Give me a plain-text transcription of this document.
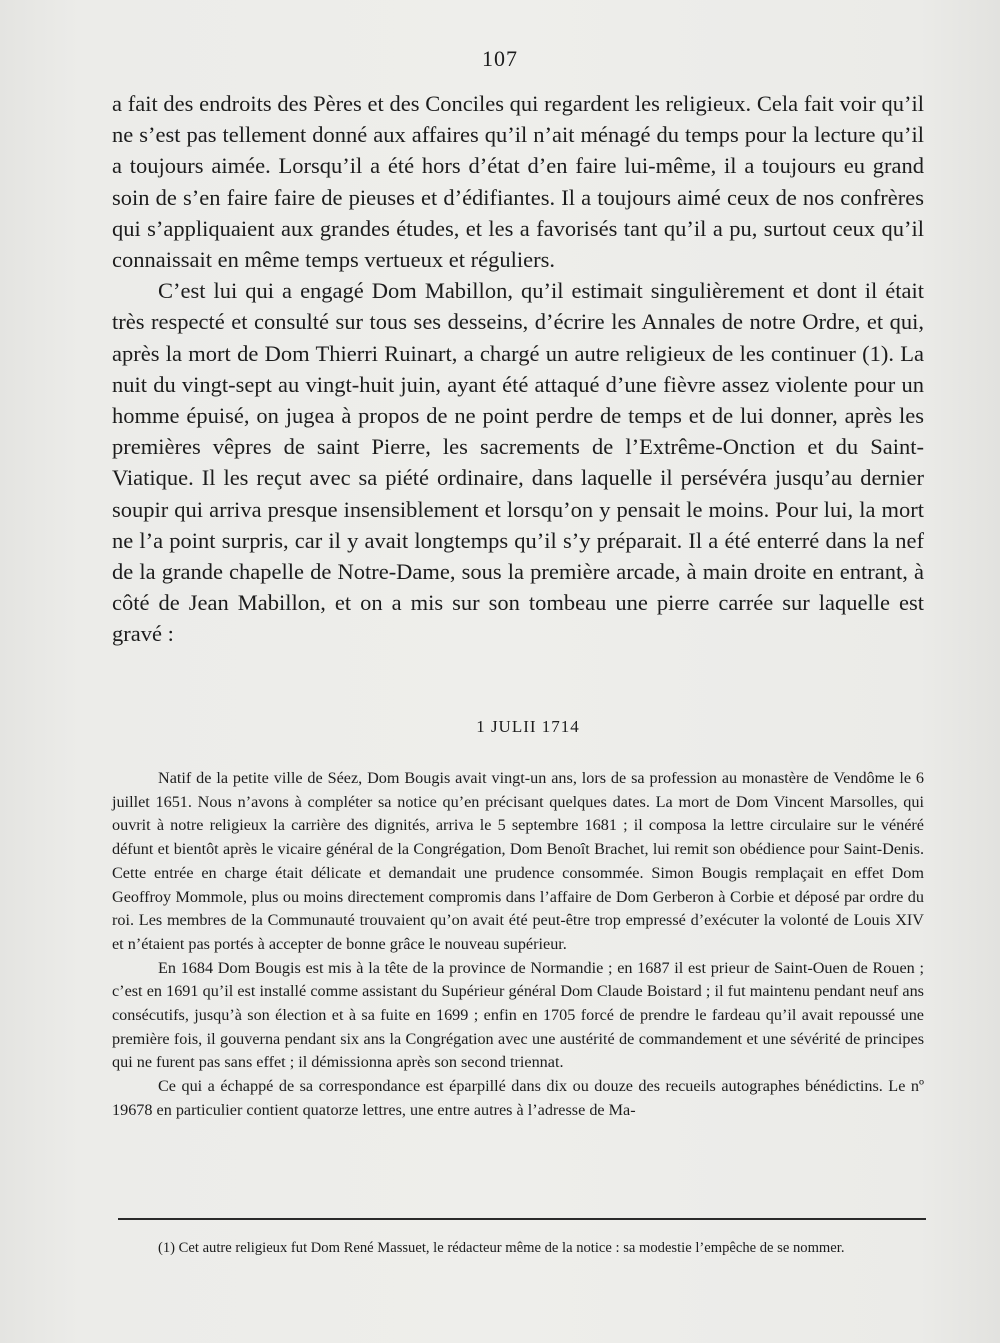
107

a fait des endroits des Pères et des Conciles qui regardent les religieux. Cela fait voir qu’il ne s’est pas tellement donné aux affaires qu’il n’ait ménagé du temps pour la lecture qu’il a toujours aimée. Lorsqu’il a été hors d’état d’en faire lui-même, il a toujours eu grand soin de s’en faire faire de pieuses et d’édifiantes. Il a toujours aimé ceux de nos confrères qui s’appliquaient aux grandes études, et les a favorisés tant qu’il a pu, surtout ceux qu’il connaissait en même temps vertueux et réguliers.

C’est lui qui a engagé Dom Mabillon, qu’il estimait singulièrement et dont il était très respecté et consulté sur tous ses desseins, d’écrire les Annales de notre Ordre, et qui, après la mort de Dom Thierri Ruinart, a chargé un autre religieux de les continuer (1). La nuit du vingt-sept au vingt-huit juin, ayant été attaqué d’une fièvre assez violente pour un homme épuisé, on jugea à propos de ne point perdre de temps et de lui donner, après les premières vêpres de saint Pierre, les sacrements de l’Extrême-Onction et du Saint-Viatique. Il les reçut avec sa piété ordinaire, dans laquelle il persévéra jusqu’au dernier soupir qui arriva presque insensiblement et lorsqu’on y pensait le moins. Pour lui, la mort ne l’a point surpris, car il y avait longtemps qu’il s’y préparait. Il a été enterré dans la nef de la grande chapelle de Notre-Dame, sous la première arcade, à main droite en entrant, à côté de Jean Mabillon, et on a mis sur son tombeau une pierre carrée sur laquelle est gravé :

1 JULII 1714

Natif de la petite ville de Séez, Dom Bougis avait vingt-un ans, lors de sa profession au monastère de Vendôme le 6 juillet 1651. Nous n’avons à compléter sa notice qu’en précisant quelques dates. La mort de Dom Vincent Marsolles, qui ouvrit à notre religieux la carrière des dignités, arriva le 5 septembre 1681 ; il composa la lettre circulaire sur le vénéré défunt et bientôt après le vicaire général de la Congrégation, Dom Benoît Brachet, lui remit son obédience pour Saint-Denis. Cette entrée en charge était délicate et demandait une prudence consommée. Simon Bougis remplaçait en effet Dom Geoffroy Mommole, plus ou moins directement compromis dans l’affaire de Dom Gerberon à Corbie et déposé par ordre du roi. Les membres de la Communauté trouvaient qu’on avait été peut-être trop empressé d’exécuter la volonté de Louis XIV et n’étaient pas portés à accepter de bonne grâce le nouveau supérieur.

En 1684 Dom Bougis est mis à la tête de la province de Normandie ; en 1687 il est prieur de Saint-Ouen de Rouen ; c’est en 1691 qu’il est installé comme assistant du Supérieur général Dom Claude Boistard ; il fut maintenu pendant neuf ans consécutifs, jusqu’à son élection et à sa fuite en 1699 ; enfin en 1705 forcé de prendre le fardeau qu’il avait repoussé une première fois, il gouverna pendant six ans la Congrégation avec une austérité de commandement et une sévérité de principes qui ne furent pas sans effet ; il démissionna après son second triennat.

Ce qui a échappé de sa correspondance est éparpillé dans dix ou douze des recueils autographes bénédictins. Le nº 19678 en particulier contient quatorze lettres, une entre autres à l’adresse de Ma-

(1) Cet autre religieux fut Dom René Massuet, le rédacteur même de la notice : sa modestie l’empêche de se nommer.
